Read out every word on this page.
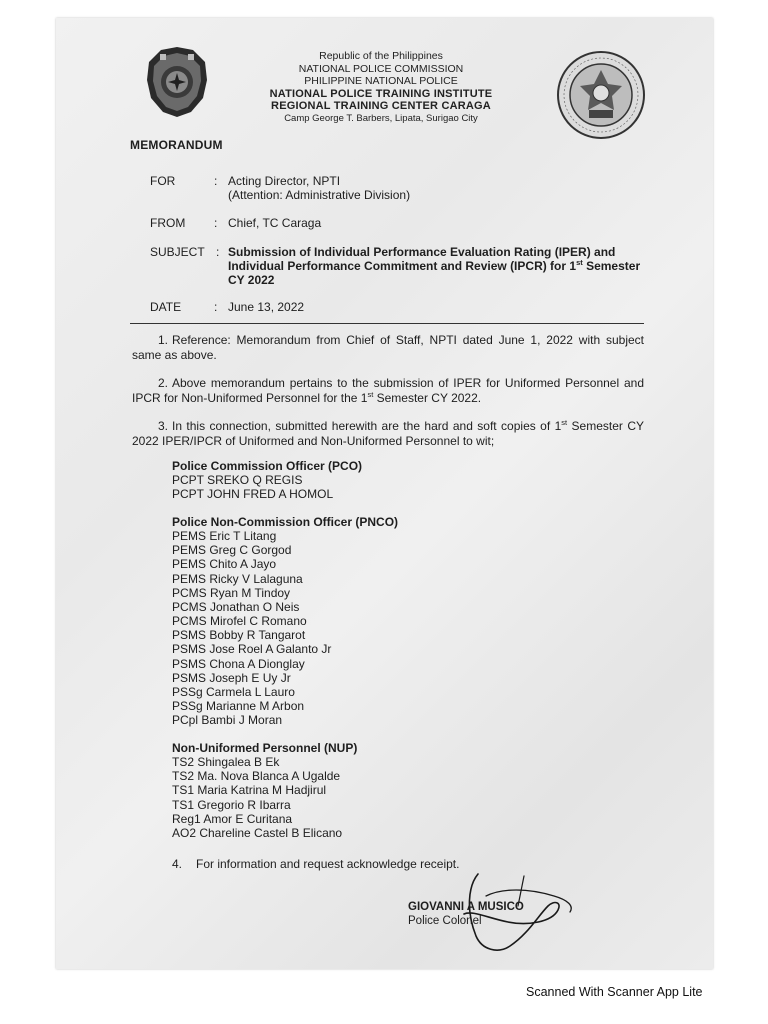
Republic of the Philippines
NATIONAL POLICE COMMISSION
PHILIPPINE NATIONAL POLICE
NATIONAL POLICE TRAINING INSTITUTE
REGIONAL TRAINING CENTER CARAGA
Camp George T. Barbers, Lipata, Surigao City
MEMORANDUM
FOR	: Acting Director, NPTI
(Attention: Administrative Division)
FROM : Chief, TC Caraga
SUBJECT : Submission of Individual Performance Evaluation Rating (IPER) and Individual Performance Commitment and Review (IPCR) for 1st Semester CY 2022
DATE	: June 13, 2022
1. Reference: Memorandum from Chief of Staff, NPTI dated June 1, 2022 with subject same as above.
2. Above memorandum pertains to the submission of IPER for Uniformed Personnel and IPCR for Non-Uniformed Personnel for the 1st Semester CY 2022.
3. In this connection, submitted herewith are the hard and soft copies of 1st Semester CY 2022 IPER/IPCR of Uniformed and Non-Uniformed Personnel to wit;
Police Commission Officer (PCO)
PCPT SREKO Q REGIS
PCPT JOHN FRED A HOMOL
Police Non-Commission Officer (PNCO)
PEMS Eric T Litang
PEMS Greg C Gorgod
PEMS Chito A Jayo
PEMS Ricky V Lalaguna
PCMS Ryan M Tindoy
PCMS Jonathan O Neis
PCMS Mirofel C Romano
PSMS Bobby R Tangarot
PSMS Jose Roel A Galanto Jr
PSMS Chona A Dionglay
PSMS Joseph E Uy Jr
PSSg Carmela L Lauro
PSSg Marianne M Arbon
PCpl Bambi J Moran
Non-Uniformed Personnel (NUP)
TS2 Shingalea B Ek
TS2 Ma. Nova Blanca A Ugalde
TS1 Maria Katrina M Hadjirul
TS1 Gregorio R Ibarra
Reg1 Amor E Curitana
AO2 Chareline Castel B Elicano
4. For information and request acknowledge receipt.
GIOVANNI A MUSICO
Police Colonel
Scanned With Scanner App Lite
